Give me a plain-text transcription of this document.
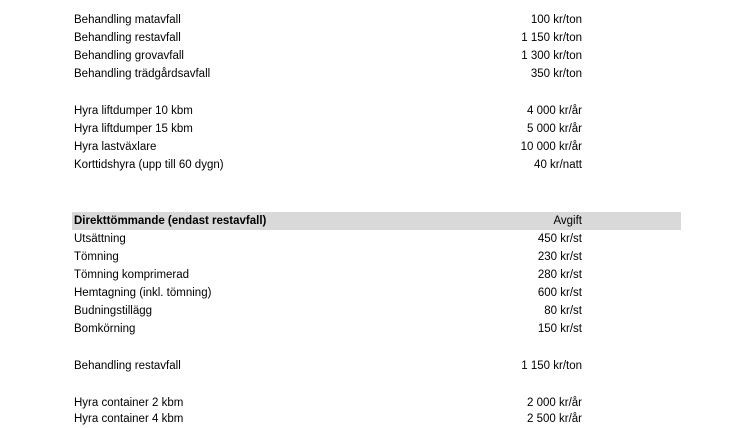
Behandling matavfall	100 kr/ton
Behandling restavfall	1 150 kr/ton
Behandling grovavfall	1 300 kr/ton
Behandling trädgårdsavfall	350 kr/ton
Hyra liftdumper 10 kbm	4 000 kr/år
Hyra liftdumper 15 kbm	5 000 kr/år
Hyra lastväxlare	10 000 kr/år
Korttidshyra (upp till 60 dygn)	40 kr/natt
Direkttömmande (endast restavfall)	Avgift
Utsättning	450 kr/st
Tömning	230 kr/st
Tömning komprimerad	280 kr/st
Hemtagning (inkl. tömning)	600 kr/st
Budningstillägg	80 kr/st
Bomkörning	150 kr/st
Behandling restavfall	1 150 kr/ton
Hyra container 2 kbm	2 000 kr/år
Hyra container 4 kbm	2 500 kr/år
